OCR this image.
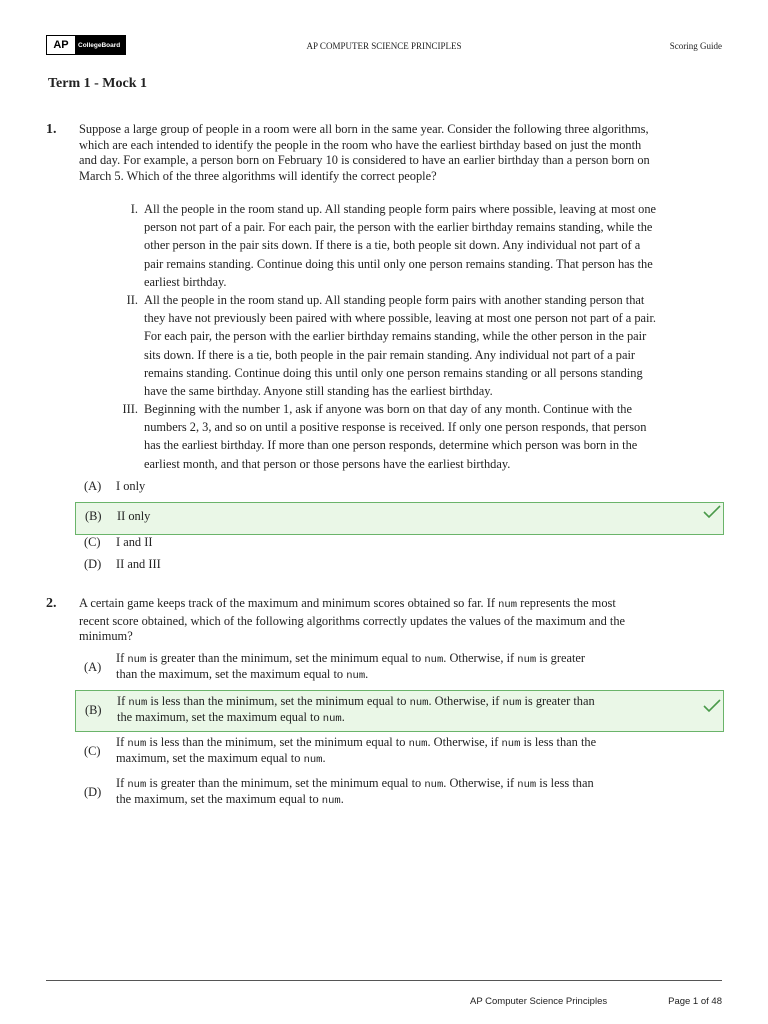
AP	CollegeBoard	AP COMPUTER SCIENCE PRINCIPLES	Scoring Guide
Term 1 - Mock 1
1. Suppose a large group of people in a room were all born in the same year. Consider the following three algorithms,
which are each intended to identify the people in the room who have the earliest birthday based on just the month
and day. For example, a person born on February 10 is considered to have an earlier birthday than a person born on
March 5. Which of the three algorithms will identify the correct people?
I. All the people in the room stand up. All standing people form pairs where possible, leaving at most one
person not part of a pair. For each pair, the person with the earlier birthday remains standing, while the
other person in the pair sits down. If there is a tie, both people sit down. Any individual not part of a
pair remains standing. Continue doing this until only one person remains standing. That person has the
earliest birthday.
II. All the people in the room stand up. All standing people form pairs with another standing person that
they have not previously been paired with where possible, leaving at most one person not part of a pair.
For each pair, the person with the earlier birthday remains standing, while the other person in the pair
sits down. If there is a tie, both people in the pair remain standing. Any individual not part of a pair
remains standing. Continue doing this until only one person remains standing or all persons standing
have the same birthday. Anyone still standing has the earliest birthday.
III. Beginning with the number 1, ask if anyone was born on that day of any month. Continue with the
numbers 2, 3, and so on until a positive response is received. If only one person responds, that person
has the earliest birthday. If more than one person responds, determine which person was born in the
earliest month, and that person or those persons have the earliest birthday.
(A) I only
(B) II only
(C) I and II
(D) II and III
2. A certain game keeps track of the maximum and minimum scores obtained so far. If num represents the most
recent score obtained, which of the following algorithms correctly updates the values of the maximum and the
minimum?
(A)
If num is greater than the minimum, set the minimum equal to num. Otherwise, if num is greater
than the maximum, set the maximum equal to num.
(B)
If num is less than the minimum, set the minimum equal to num. Otherwise, if num is greater than
the maximum, set the maximum equal to num.
(C)
If num is less than the minimum, set the minimum equal to num. Otherwise, if num is less than the
maximum, set the maximum equal to num.
(D)
If num is greater than the minimum, set the minimum equal to num. Otherwise, if num is less than
the maximum, set the maximum equal to num.
AP Computer Science Principles	Page 1 of 48
